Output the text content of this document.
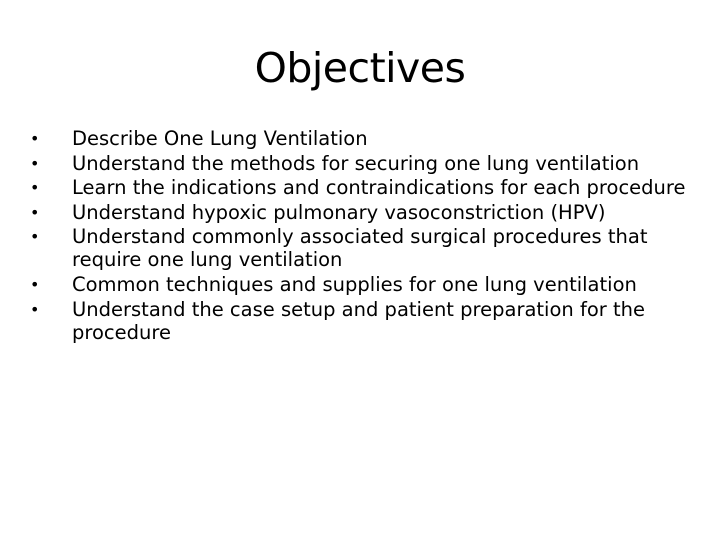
Objectives
• Describe One Lung Ventilation
• Understand the methods for securing one lung ventilation
• Learn the indications and contraindications for each procedure
• Understand hypoxic pulmonary vasoconstriction (HPV)
• Understand commonly associated surgical procedures that require one lung ventilation
• Common techniques and supplies for one lung ventilation
• Understand the case setup and patient preparation for the procedure
